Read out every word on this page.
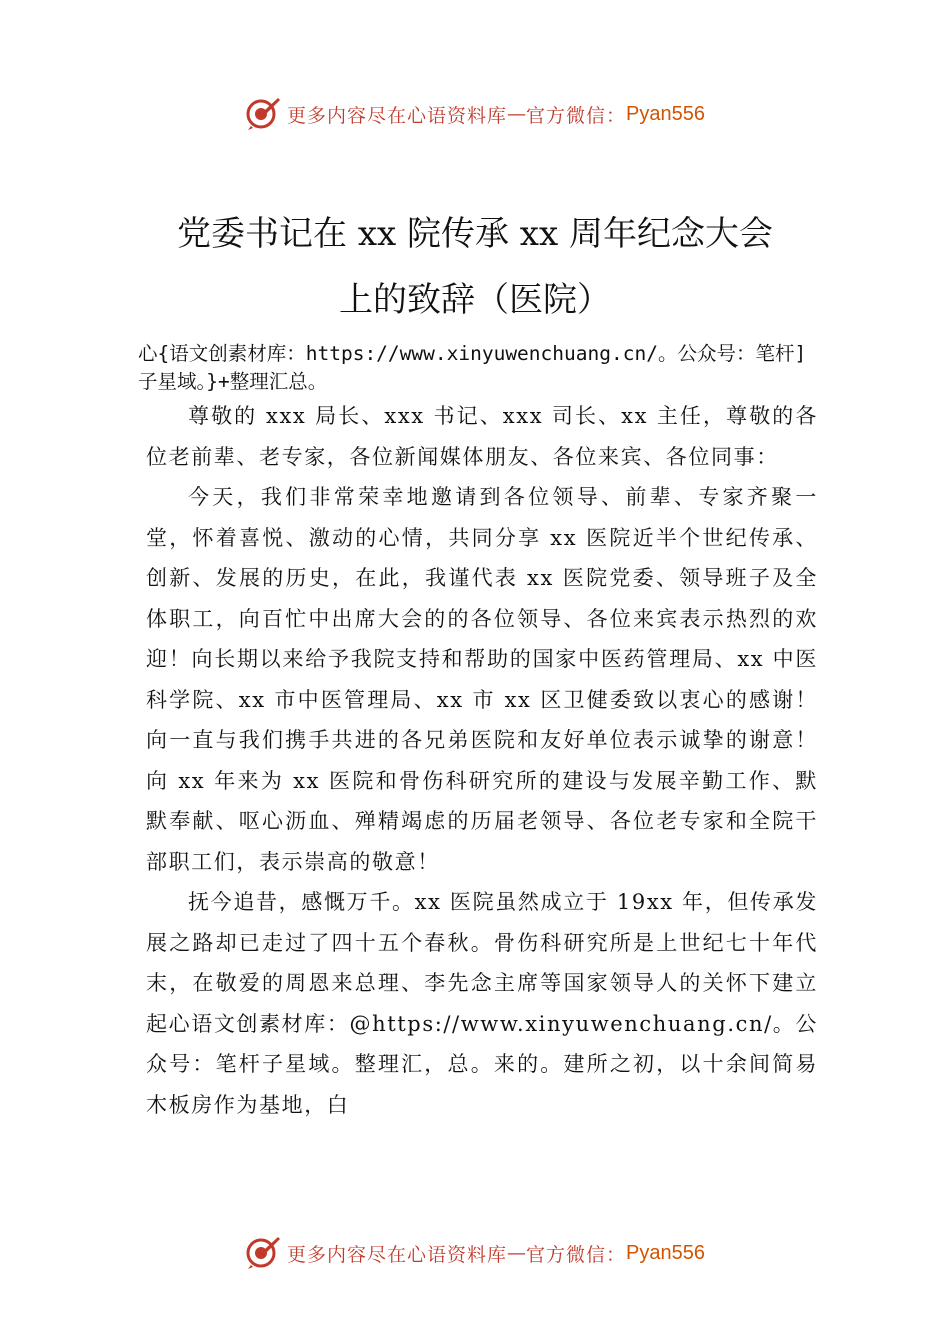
更多内容尽在心语资料库 — 官方微信： Pyan556
党委书记在 xx 院传承 xx 周年纪念大会
上的致辞（医院）

心{语文创素材库：https://www.xinyuwenchuang.cn/。公众号：笔杆]子星域。}+整理汇总。

尊敬的 xxx 局长、xxx 书记、xxx 司长、xx 主任，尊敬的各位老前辈、老专家，各位新闻媒体朋友、各位来宾、各位同事：

今天，我们非常荣幸地邀请到各位领导、前辈、专家齐聚一堂，怀着喜悦、激动的心情，共同分享 xx 医院近半个世纪传承、创新、发展的历史，在此，我谨代表 xx 医院党委、领导班子及全体职工，向百忙中出席大会的的各位领导、各位来宾表示热烈的欢迎！向长期以来给予我院支持和帮助的国家中医药管理局、xx 中医科学院、xx 市中医管理局、xx 市 xx 区卫健委致以衷心的感谢！向一直与我们携手共进的各兄弟医院和友好单位表示诚挚的谢意！向 xx 年来为 xx 医院和骨伤科研究所的建设与发展辛勤工作、默默奉献、呕心沥血、殚精竭虑的历届老领导、各位老专家和全院干部职工们，表示崇高的敬意！

抚今追昔，感慨万千。xx 医院虽然成立于 19xx 年，但传承发展之路却已走过了四十五个春秋。骨伤科研究所是上世纪七十年代末，在敬爱的周恩来总理、李先念主席等国家领导人的关怀下建立起心语文创素材库：@https://www.xinyuwenchuang.cn/。公众号：笔杆子星域。整理汇，总。来的。建所之初，以十余间简易木板房作为基地，白

更多内容尽在心语资料库 — 官方微信： Pyan556
